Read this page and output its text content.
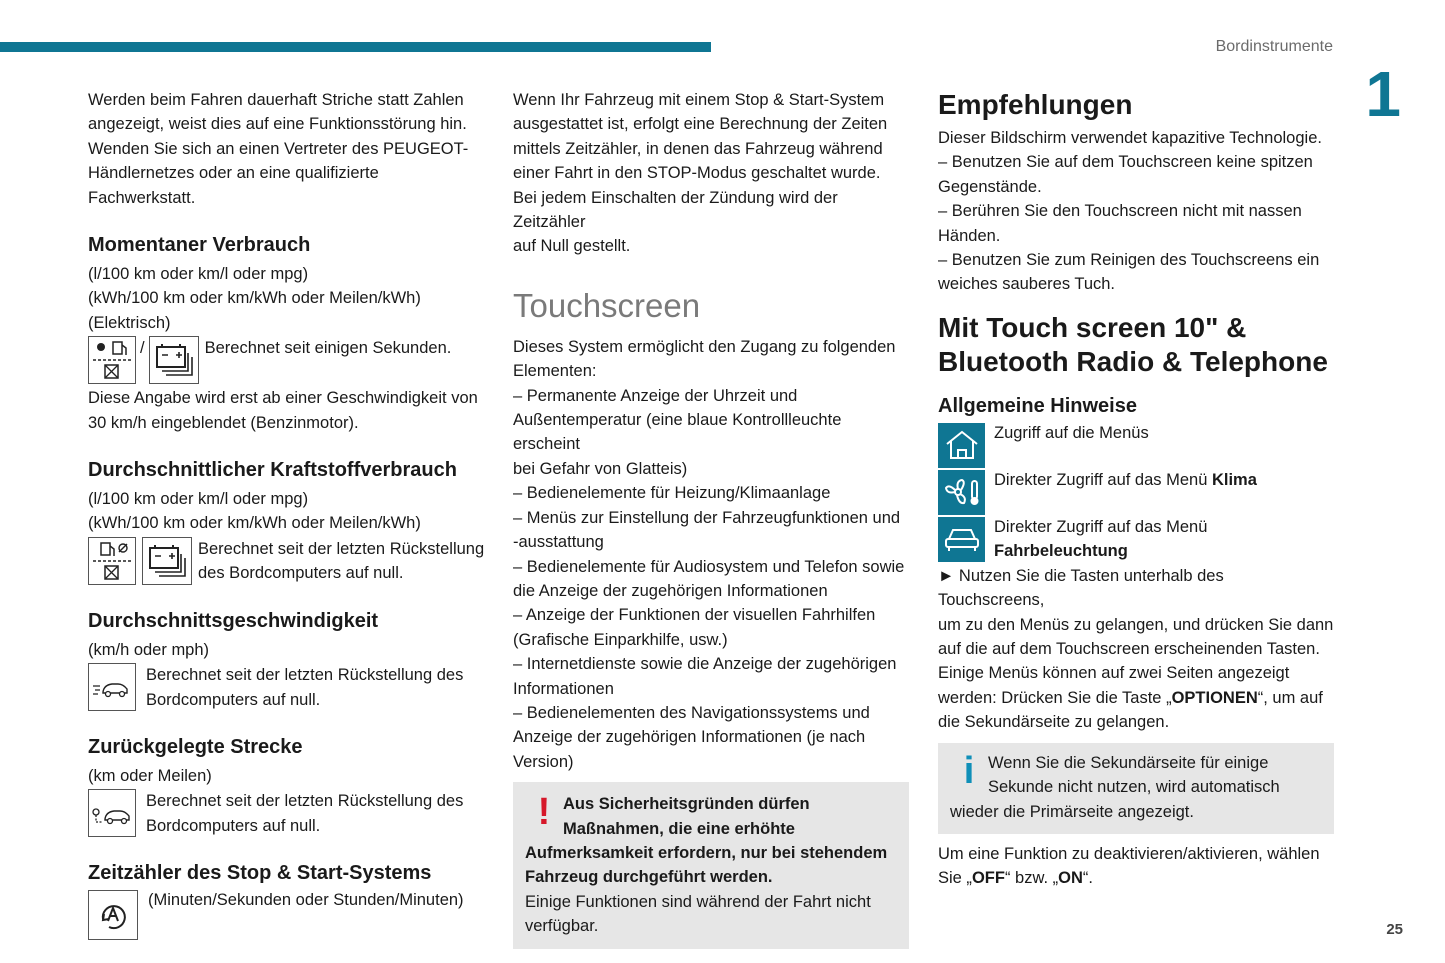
Bordinstrumente
1
25

Werden beim Fahren dauerhaft Striche statt Zahlen
angezeigt, weist dies auf eine Funktionsstörung hin.
Wenden Sie sich an einen Vertreter des PEUGEOT-
Händlernetzes oder an eine qualifizierte Fachwerkstatt.

Momentaner Verbrauch

(l/100 km oder km/l oder mpg)
(kWh/100 km oder km/kWh oder Meilen/kWh)
(Elektrisch)

/	Berechnet seit einigen Sekunden.

Diese Angabe wird erst ab einer Geschwindigkeit von
30 km/h eingeblendet (Benzinmotor).

Durchschnittlicher Kraftstoffverbrauch

(l/100 km oder km/l oder mpg)
(kWh/100 km oder km/kWh oder Meilen/kWh)

Berechnet seit der letzten Rückstellung
des Bordcomputers auf null.
Durchschnittsgeschwindigkeit

(km/h oder mph)

Berechnet seit der letzten Rückstellung des
Bordcomputers auf null.
Zurückgelegte Strecke

(km oder Meilen)

Berechnet seit der letzten Rückstellung des
Bordcomputers auf null.
Zeitzähler des Stop & Start-Systems
(Minuten/Sekunden oder Stunden/Minuten)

Wenn Ihr Fahrzeug mit einem Stop & Start-System
ausgestattet ist, erfolgt eine Berechnung der Zeiten
mittels Zeitzähler, in denen das Fahrzeug während
einer Fahrt in den STOP-Modus geschaltet wurde.
Bei jedem Einschalten der Zündung wird der Zeitzähler
auf Null gestellt.

Touchscreen

Dieses System ermöglicht den Zugang zu folgenden
Elementen:
– Permanente Anzeige der Uhrzeit und
Außentemperatur (eine blaue Kontrollleuchte erscheint
bei Gefahr von Glatteis)
– Bedienelemente für Heizung/Klimaanlage
– Menüs zur Einstellung der Fahrzeugfunktionen und
-ausstattung
– Bedienelemente für Audiosystem und Telefon sowie
die Anzeige der zugehörigen Informationen
– Anzeige der Funktionen der visuellen Fahrhilfen
(Grafische Einparkhilfe, usw.)
– Internetdienste sowie die Anzeige der zugehörigen
Informationen
– Bedienelementen des Navigationssystems und
Anzeige der zugehörigen Informationen (je nach
Version)

! Aus Sicherheitsgründen dürfen
Maßnahmen, die eine erhöhte
Aufmerksamkeit erfordern, nur bei stehendem
Fahrzeug durchgeführt werden.
Einige Funktionen sind während der Fahrt nicht
verfügbar.
Empfehlungen

Dieser Bildschirm verwendet kapazitive Technologie.
– Benutzen Sie auf dem Touchscreen keine spitzen
Gegenstände.
– Berühren Sie den Touchscreen nicht mit nassen
Händen.
– Benutzen Sie zum Reinigen des Touchscreens ein
weiches sauberes Tuch.

Mit Touch screen 10" &
Bluetooth Radio & Telephone
Allgemeine Hinweise
Zugriff auf die Menüs
Direkter Zugriff auf das Menü Klima
Direkter Zugriff auf das Menü
Fahrbeleuchtung

► Nutzen Sie die Tasten unterhalb des Touchscreens,
um zu den Menüs zu gelangen, und drücken Sie dann
auf die auf dem Touchscreen erscheinenden Tasten.
Einige Menüs können auf zwei Seiten angezeigt
werden: Drücken Sie die Taste „OPTIONEN“, um auf
die Sekundärseite zu gelangen.

i Wenn Sie die Sekundärseite für einige
Sekunde nicht nutzen, wird automatisch
wieder die Primärseite angezeigt.

Um eine Funktion zu deaktivieren/aktivieren, wählen
Sie „OFF“ bzw. „ON“.
